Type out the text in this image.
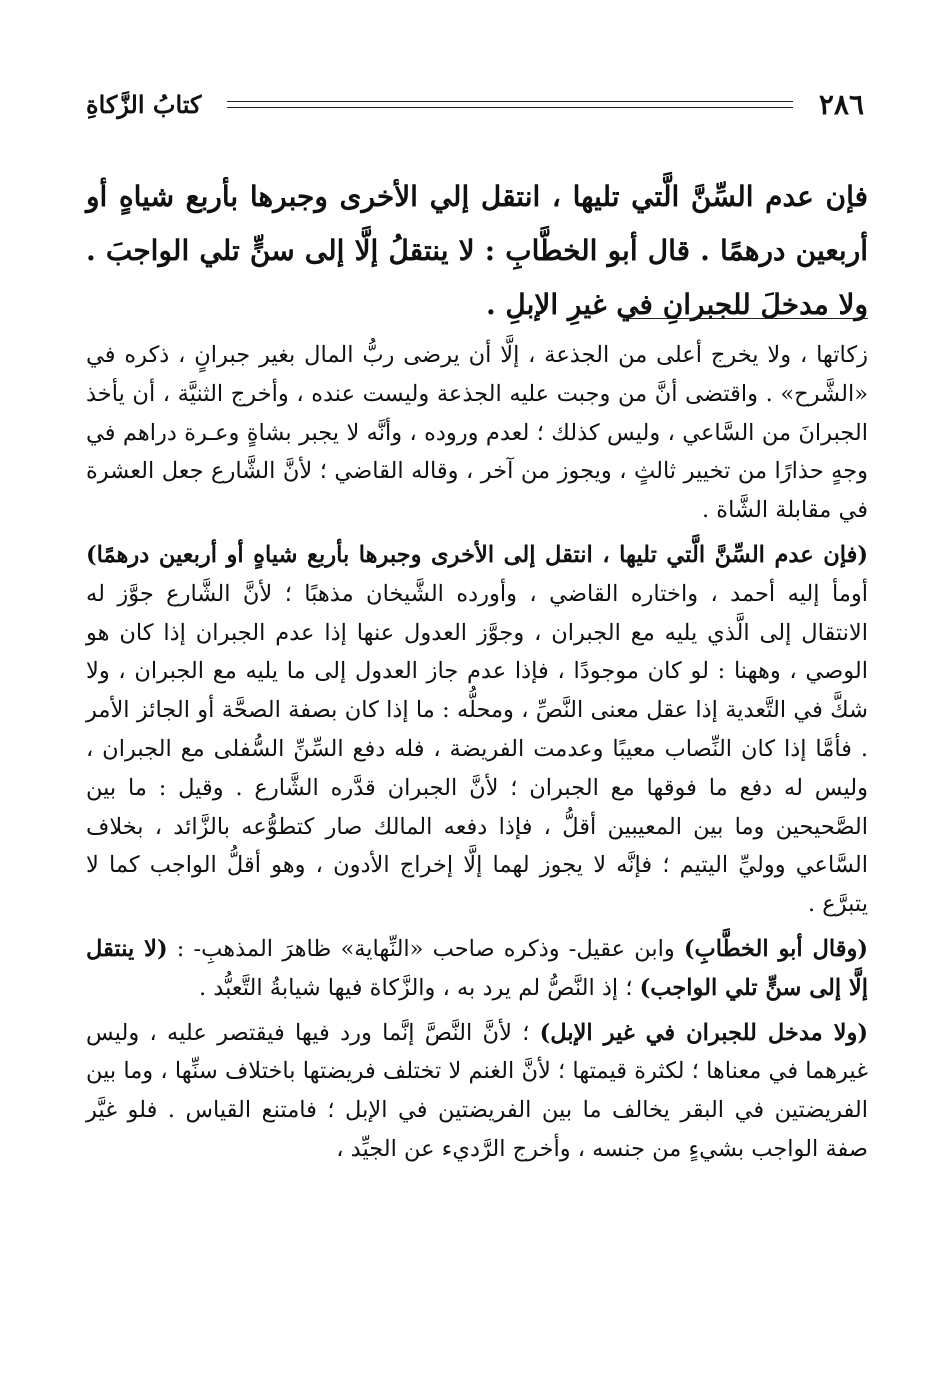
٢٨٦
كتابُ الزَّكاةِ
فإن عدم السِّنَّ الَّتي تليها ، انتقل إلي الأخرى وجبرها بأربع شياهٍ أو أربعين درهمًا . قال أبو الخطَّابِ : لا ينتقلُ إلَّا إلى سنٍّ تلي الواجبَ . ولا مدخلَ للجبرانِ في غيرِ الإبلِ .

زكاتها ، ولا يخرج أعلى من الجذعة ، إلَّا أن يرضى ربُّ المال بغير جبرانٍ ، ذكره في «الشَّرح» . واقتضى أنَّ من وجبت عليه الجذعة وليست عنده ، وأخرج الثنيَّة ، أن يأخذ الجبرانَ من السَّاعي ، وليس كذلك ؛ لعدم وروده ، وأنَّه لا يجبر بشاةٍ وع‍ـرة دراهم في وجهٍ حذارًا من تخيير ثالثٍ ، ويجوز من آخر ، وقاله القاضي ؛ لأنَّ الشَّارع جعل العشرة في مقابلة الشَّاة .

(فإن عدم السِّنَّ الَّتي تليها ، انتقل إلى الأخرى وجبرها بأربع شياهٍ أو أربعين درهمًا) أومأ إليه أحمد ، واختاره القاضي ، وأورده الشَّيخان مذهبًا ؛ لأنَّ الشَّارع جوَّز له الانتقال إلى الَّذي يليه مع الجبران ، وجوَّز العدول عنها إذا عدم الجبران إذا كان هو الوصي ، وههنا : لو كان موجودًا ، فإذا عدم جاز العدول إلى ما يليه مع الجبران ، ولا شكَّ في التَّعدية إذا عقل معنى النَّصِّ ، ومحلُّه : ما إذا كان بصفة الصحَّة أو الجائز الأمر . فأمَّا إذا كان النِّصاب معيبًا وعدمت الفريضة ، فله دفع السِّنِّ السُّفلى مع الجبران ، وليس له دفع ما فوقها مع الجبران ؛ لأنَّ الجبران قدَّره الشَّارع . وقيل : ما بين الصَّحيحين وما بين المعيبين أقلُّ ، فإذا دفعه المالك صار كتطوُّعه بالزَّائد ، بخلاف السَّاعي ووليِّ اليتيم ؛ فإنَّه لا يجوز لهما إلَّا إخراج الأدون ، وهو أقلُّ الواجب كما لا يتبرَّع .

(وقال أبو الخطَّابِ) وابن عقيل- وذكره صاحب «النِّهاية» ظاهرَ المذهبِ- : (لا ينتقل إلَّا إلى سنٍّ تلي الواجب) ؛ إذ النَّصُّ لم يرد به ، والزَّكاة فيها شيابةُ التَّعبُّد .

(ولا مدخل للجبران في غير الإبل) ؛ لأنَّ النَّصَّ إنَّما ورد فيها فيقتصر عليه ، وليس غيرهما في معناها ؛ لكثرة قيمتها ؛ لأنَّ الغنم لا تختلف فريضتها باختلاف سنِّها ، وما بين الفريضتين في البقر يخالف ما بين الفريضتين في الإبل ؛ فامتنع القياس . فلو غيَّر صفة الواجب بشيءٍ من جنسه ، وأخرج الرَّديء عن الجيِّد ،
